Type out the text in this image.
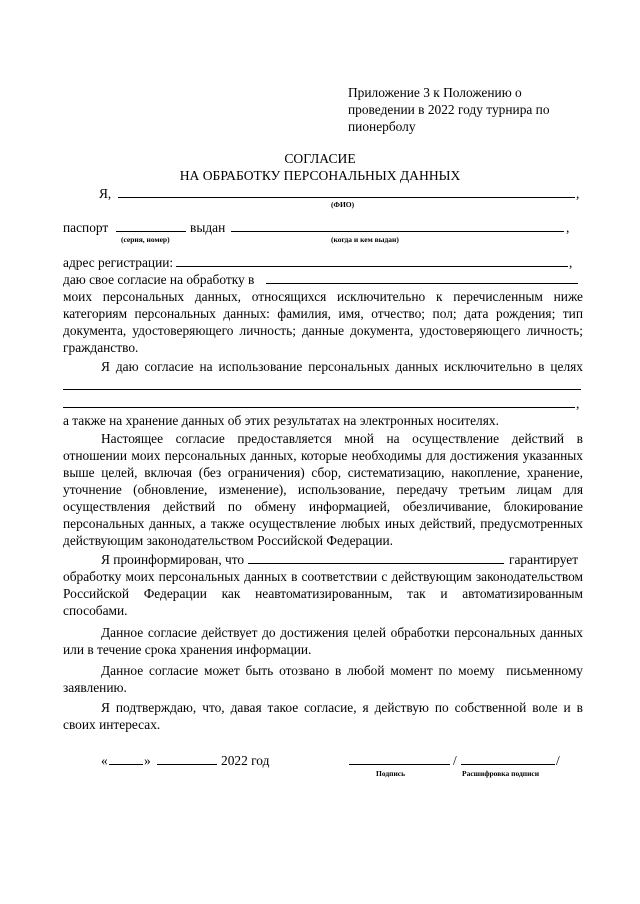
Приложение 3 к Положению о
проведении в 2022 году турнира по
пионерболу
СОГЛАСИЕ
НА ОБРАБОТКУ ПЕРСОНАЛЬНЫХ ДАННЫХ
Я,	,
(ФИО)
паспорт	выдан	,
(серия, номер)	(когда и кем выдан)
адрес регистрации:	,
даю свое согласие на обработку в
моих персональных данных, относящихся исключительно к перечисленным ниже
категориям персональных данных: фамилия, имя, отчество; пол; дата рождения; тип
документа, удостоверяющего личность; данные документа, удостоверяющего личность;
гражданство.
Я даю согласие на использование персональных данных исключительно в целях
,
а также на хранение данных об этих результатах на электронных носителях.
Настоящее согласие предоставляется мной на осуществление действий в
отношении моих персональных данных, которые необходимы для достижения указанных
выше целей, включая (без ограничения) сбор, систематизацию, накопление, хранение,
уточнение (обновление, изменение), использование, передачу третьим лицам для
осуществления действий по обмену информацией, обезличивание, блокирование
персональных данных, а также осуществление любых иных действий, предусмотренных
действующим законодательством Российской Федерации.
Я проинформирован, что	гарантирует
обработку моих персональных данных в соответствии с действующим законодательством
Российской   Федерации   как   неавтоматизированным,   так   и   автоматизированным
способами.
Данное согласие действует до достижения целей обработки персональных данных
или в течение срока хранения информации.
Данное согласие может быть отозвано в любой момент по моему  письменному
заявлению.
Я подтверждаю, что, давая такое согласие, я действую по собственной воле и в
своих интересах.
«	»	2022 год	/	/
Подпись	Расшифровка подписи
